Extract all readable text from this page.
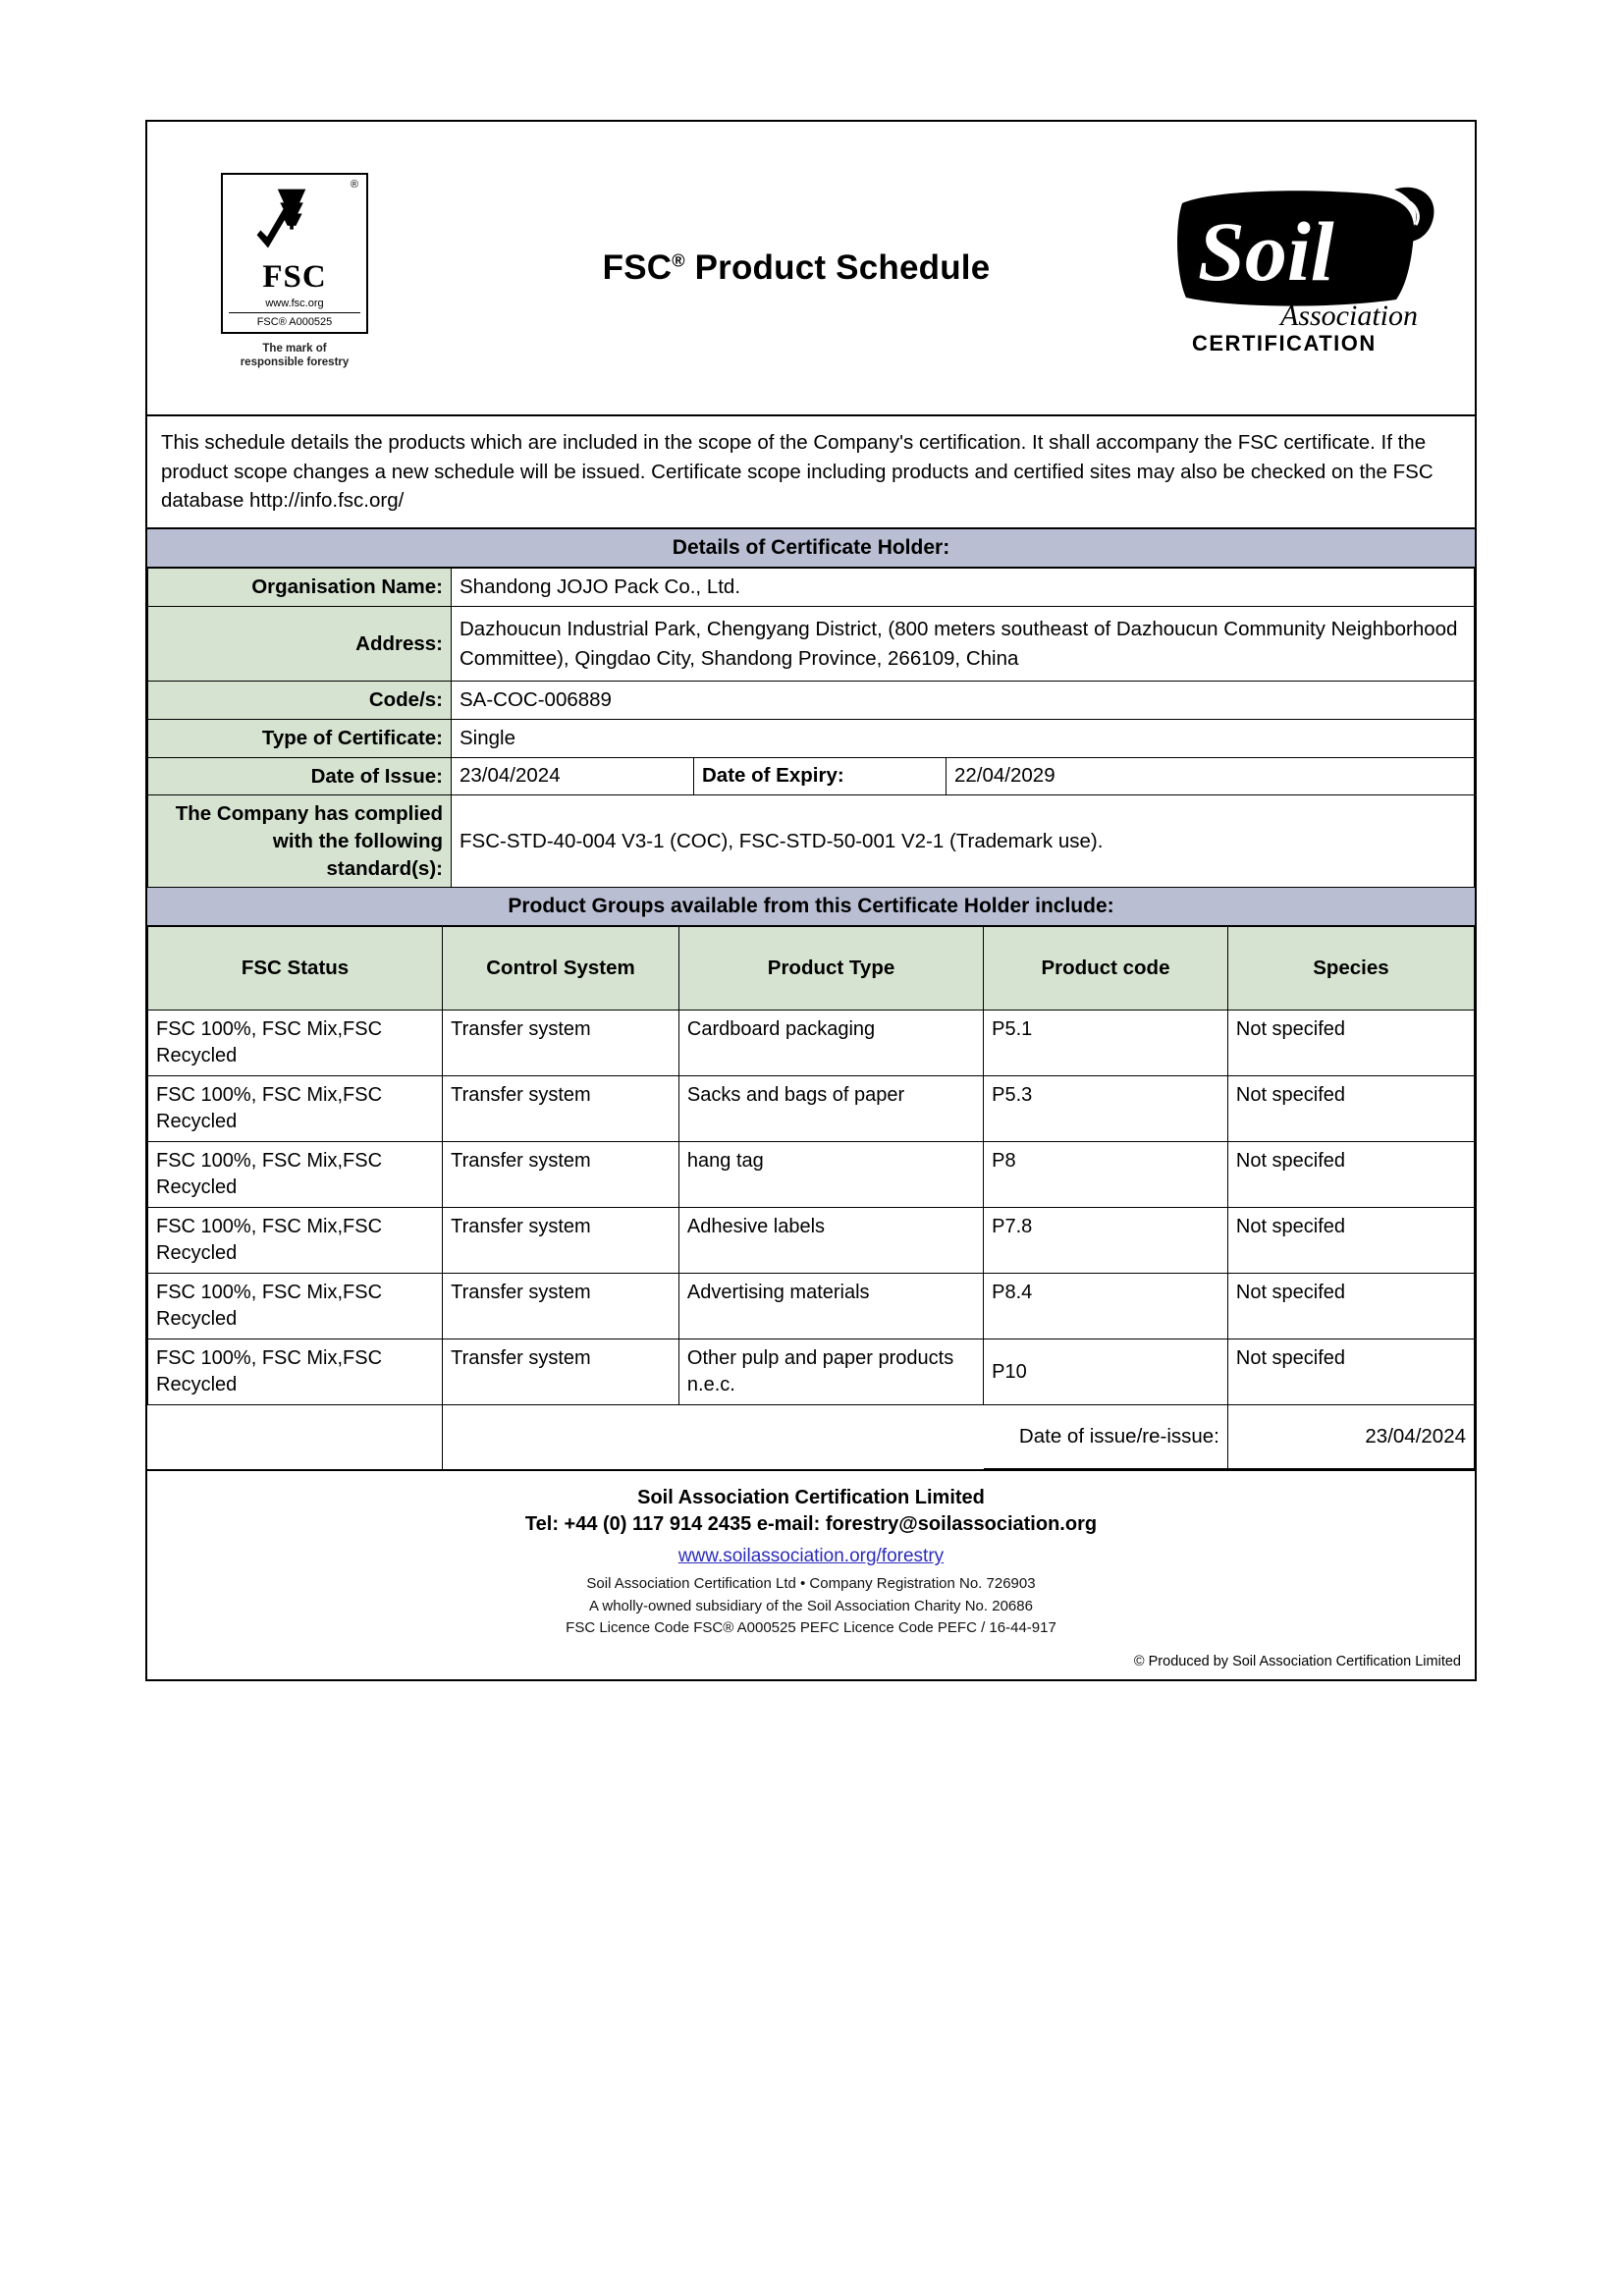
®
FSC
www.fsc.org
FSC® A000525
The mark of
responsible forestry
FSC® Product Schedule	Soil
Association
CERTIFICATION
This schedule details the products which are included in the scope of the Company's certification. It shall accompany the FSC certificate. If the product scope changes a new schedule will be issued. Certificate scope including products and certified sites may also be checked on the FSC database http://info.fsc.org/
Details of Certificate Holder:
Organisation Name:	Shandong JOJO Pack Co., Ltd.		
Address:	Dazhoucun Industrial Park, Chengyang District, (800 meters southeast of Dazhoucun Community Neighborhood Committee), Qingdao City, Shandong Province, 266109, China		
Code/s:	SA-COC-006889		
Type of Certificate:	Single		
Date of Issue:	23/04/2024	Date of Expiry:	22/04/2029
The Company has complied with the following standard(s):	FSC-STD-40-004 V3-1 (COC), FSC-STD-50-001 V2-1 (Trademark use).		
Product Groups available from this Certificate Holder include:
FSC Status	Control System	Product Type	Product code	Species
FSC 100%, FSC Mix,FSC Recycled	Transfer system	Cardboard packaging	P5.1	Not specifed
FSC 100%, FSC Mix,FSC Recycled	Transfer system	Sacks and bags of paper	P5.3	Not specifed
FSC 100%, FSC Mix,FSC Recycled	Transfer system	hang tag	P8	Not specifed
FSC 100%, FSC Mix,FSC Recycled	Transfer system	Adhesive labels	P7.8	Not specifed
FSC 100%, FSC Mix,FSC Recycled	Transfer system	Advertising materials	P8.4	Not specifed
FSC 100%, FSC Mix,FSC Recycled	Transfer system	Other pulp and paper products n.e.c.	P10	Not specifed
			Date of issue/re-issue:	23/04/2024
Soil Association Certification Limited
Tel: +44 (0) 117 914 2435 e-mail: forestry@soilassociation.org
www.soilassociation.org/forestry
Soil Association Certification Ltd • Company Registration No. 726903
A wholly-owned subsidiary of the Soil Association Charity No. 20686
FSC Licence Code FSC® A000525 PEFC Licence Code PEFC / 16-44-917
© Produced by Soil Association Certification Limited
